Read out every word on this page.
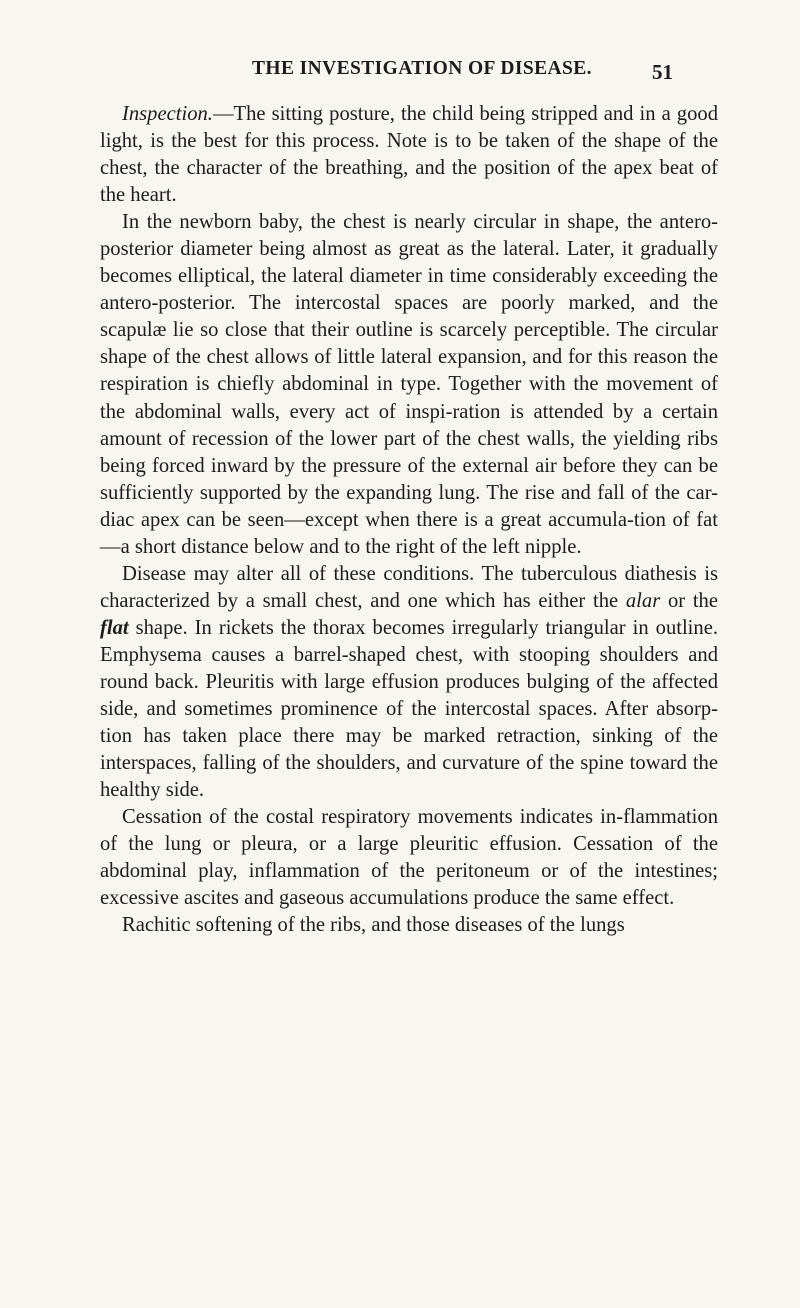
THE INVESTIGATION OF DISEASE.	51

Inspection.—The sitting posture, the child being stripped and in a good light, is the best for this process. Note is to be taken of the shape of the chest, the character of the breathing, and the position of the apex beat of the heart.

In the newborn baby, the chest is nearly circular in shape, the antero-posterior diameter being almost as great as the lateral. Later, it gradually becomes elliptical, the lateral diameter in time considerably exceeding the antero-posterior. The intercostal spaces are poorly marked, and the scapulæ lie so close that their outline is scarcely perceptible. The circular shape of the chest allows of little lateral expansion, and for this reason the respiration is chiefly abdominal in type. Together with the movement of the abdominal walls, every act of inspi-ration is attended by a certain amount of recession of the lower part of the chest walls, the yielding ribs being forced inward by the pressure of the external air before they can be sufficiently supported by the expanding lung. The rise and fall of the car-diac apex can be seen—except when there is a great accumula-tion of fat—a short distance below and to the right of the left nipple.

Disease may alter all of these conditions. The tuberculous diathesis is characterized by a small chest, and one which has either the alar or the flat shape. In rickets the thorax becomes irregularly triangular in outline. Emphysema causes a barrel-shaped chest, with stooping shoulders and round back. Pleuritis with large effusion produces bulging of the affected side, and sometimes prominence of the intercostal spaces. After absorp-tion has taken place there may be marked retraction, sinking of the interspaces, falling of the shoulders, and curvature of the spine toward the healthy side.

Cessation of the costal respiratory movements indicates in-flammation of the lung or pleura, or a large pleuritic effusion. Cessation of the abdominal play, inflammation of the peritoneum or of the intestines; excessive ascites and gaseous accumulations produce the same effect.

Rachitic softening of the ribs, and those diseases of the lungs
